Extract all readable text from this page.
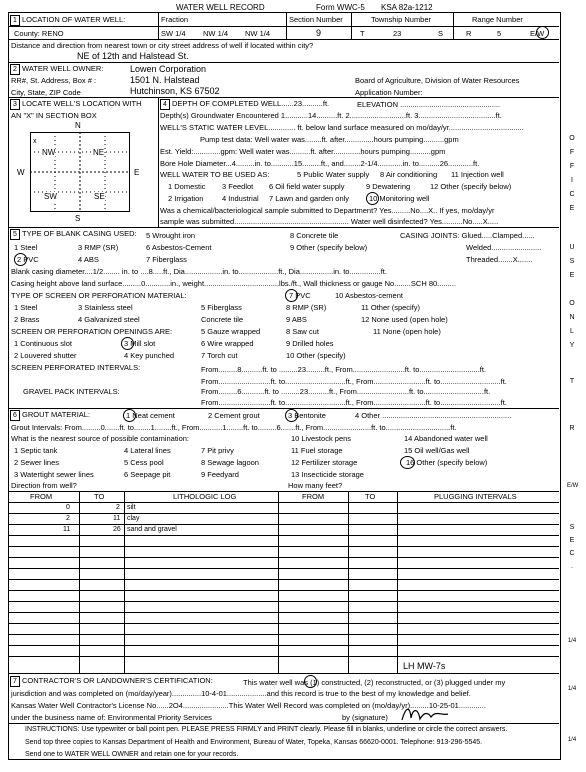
WATER WELL RECORD	Form WWC-5 KSA 82a-1212
1 LOCATION OF WATER WELL:	Fraction	Section Number	Township Number	Range Number
County: RENO	SW 1/4 NW 1/4 NW 1/4	9	T	23	S	R	5	E/W
Distance and direction from nearest town or city street address of well if located within city?
NE of 12th and Halstead St.
2 WATER WELL OWNER:	Lowen Corporation
RR#, St. Address, Box # :	1501 N. Halstead	Board of Agriculture, Division of Water Resources
City, State, ZIP Code	Hutchinson, KS 67502	Application Number:
3 LOCATE WELL'S LOCATION WITH
AN "X" IN SECTION BOX
N
S
W	E
NW	NE
SW	SE
x
4 DEPTH OF COMPLETED WELL......23..........ft.	ELEVATION ................................................
Depth(s) Groundwater Encountered 1...........14..........ft. 2...........................ft. 3.....................................ft.
WELL'S STATIC WATER LEVEL............. ft. below land surface measured on mo/day/yr....................................
Pump test data: Well water was........ft. after..............hours pumping..........gpm
Est. Yield:.............gpm: Well water was..........ft. after.............hours pumping..........gpm
Bore Hole Diameter...4.........in. to...........15.........ft., and........2-1/4............in. to..........26............ft.
WELL WATER TO BE USED AS:	5 Public Water supply 8 Air conditioning 11 Injection well
1 Domestic 3 Feedlot 6 Oil field water supply	9 Dewatering	12 Other (specify below)
2 Irrigation 4 Industrial 7 Lawn and garden only	10 Monitoring well
Was a chemical/bacteriological sample submitted to Department? Yes.........No....X.. If yes, mo/day/yr
sample was submitted....................................................... Water well disinfected? Yes..........No.....X.....
5 TYPE OF BLANK CASING USED: 5 Wrought iron	8 Concrete tile	CASING JOINTS: Glued.....Clamped......
1 Steel	3 RMP (SR)	6 Asbestos-Cement	9 Other (specify below)	Welded........................
2 PVC	4 ABS	7 Fiberglass	Threaded.......X.......
Blank casing diameter....1/2........ in. to ....8.....ft., Dia..................in. to...................ft., Dia................in. to...............ft.
Casing height above land surface.........0............in., weight....................................lbs./ft., Wall thickness or gauge No........SCH 80.........
TYPE OF SCREEN OR PERFORATION MATERIAL:	7 PVC	10 Asbestos-cement
1 Steel	3 Stainless steel	5 Fiberglass	8 RMP (SR)	11 Other (specify)
2 Brass	4 Galvanized steel	Concrete tile	9 ABS	12 None used (open hole)
SCREEN OR PERFORATION OPENINGS ARE:	5 Gauze wrapped	8 Saw cut	11 None (open hole)
1 Continuous slot	3 Mill slot	6 Wire wrapped	9 Drilled holes
2 Louvered shutter	4 Key punched	7 Torch cut	10 Other (specify)
SCREEN PERFORATED INTERVALS:	From.........8..........ft. to .........23.........ft., From.........................ft. to.............................ft.
From.........................ft. to.............................ft., From.........................ft. to.............................ft.
GRAVEL PACK INTERVALS:	From.........6...........ft. to .........23..........ft., From.........................ft. to.............................ft.
From.........................ft. to.............................ft., From.........................ft. to.............................ft.
6 GROUT MATERIAL:	1 Neat cement	2 Cement grout	3 Bentonite	4 Other ..............................................................
Grout Intervals: From.........0.......ft. to........1........ft., From...........1........ft. to.........6.......ft., From.......................ft. to...............................ft.
What is the nearest source of possible contamination:	10 Livestock pens	14 Abandoned water well
1 Septic tank	4 Lateral lines	7 Pit privy	11 Fuel storage	15 Oil well/Gas well
2 Sewer lines	5 Cess pool	8 Sewage lagoon	12 Fertilizer storage	16 Other (specify below)
3 Watertight sewer lines	6 Seepage pit	9 Feedyard	13 Insecticide storage
Direction from well?	How many feet?
FROM	TO	LITHOLOGIC LOG	FROM	TO	PLUGGING INTERVALS
0	2 silt
2	11 clay
11	26 sand and gravel
LH MW-7s
7 CONTRACTOR'S OR LANDOWNER'S CERTIFICATION:	This water well was (1) constructed, (2) reconstructed, or (3) plugged under my
jurisdiction and was completed on (mo/day/year)..............10-4-01...................and this record is true to the best of my knowledge and belief.
Kansas Water Well Contractor's License No......2O4......................This Water Well Record was completed on (mo/day/yr).........10-25-01.............
under the business name of: Environmental Priority Services	by (signature)
INSTRUCTIONS: Use typewriter or ball point pen. PLEASE PRESS FIRMLY and PRINT clearly. Please fill in blanks, underline or circle the correct answers.
Send top three copies to Kansas Department of Health and Environment, Bureau of Water, Topeka, Kansas 66620-0001. Telephone: 913-296-5545.
Send one to WATER WELL OWNER and retain one for your records.
O
F
F
I
C
E
U
S
E
O
N
L
Y
T
R
E/W
S
E
C
.
1/4
1/4
1/4
